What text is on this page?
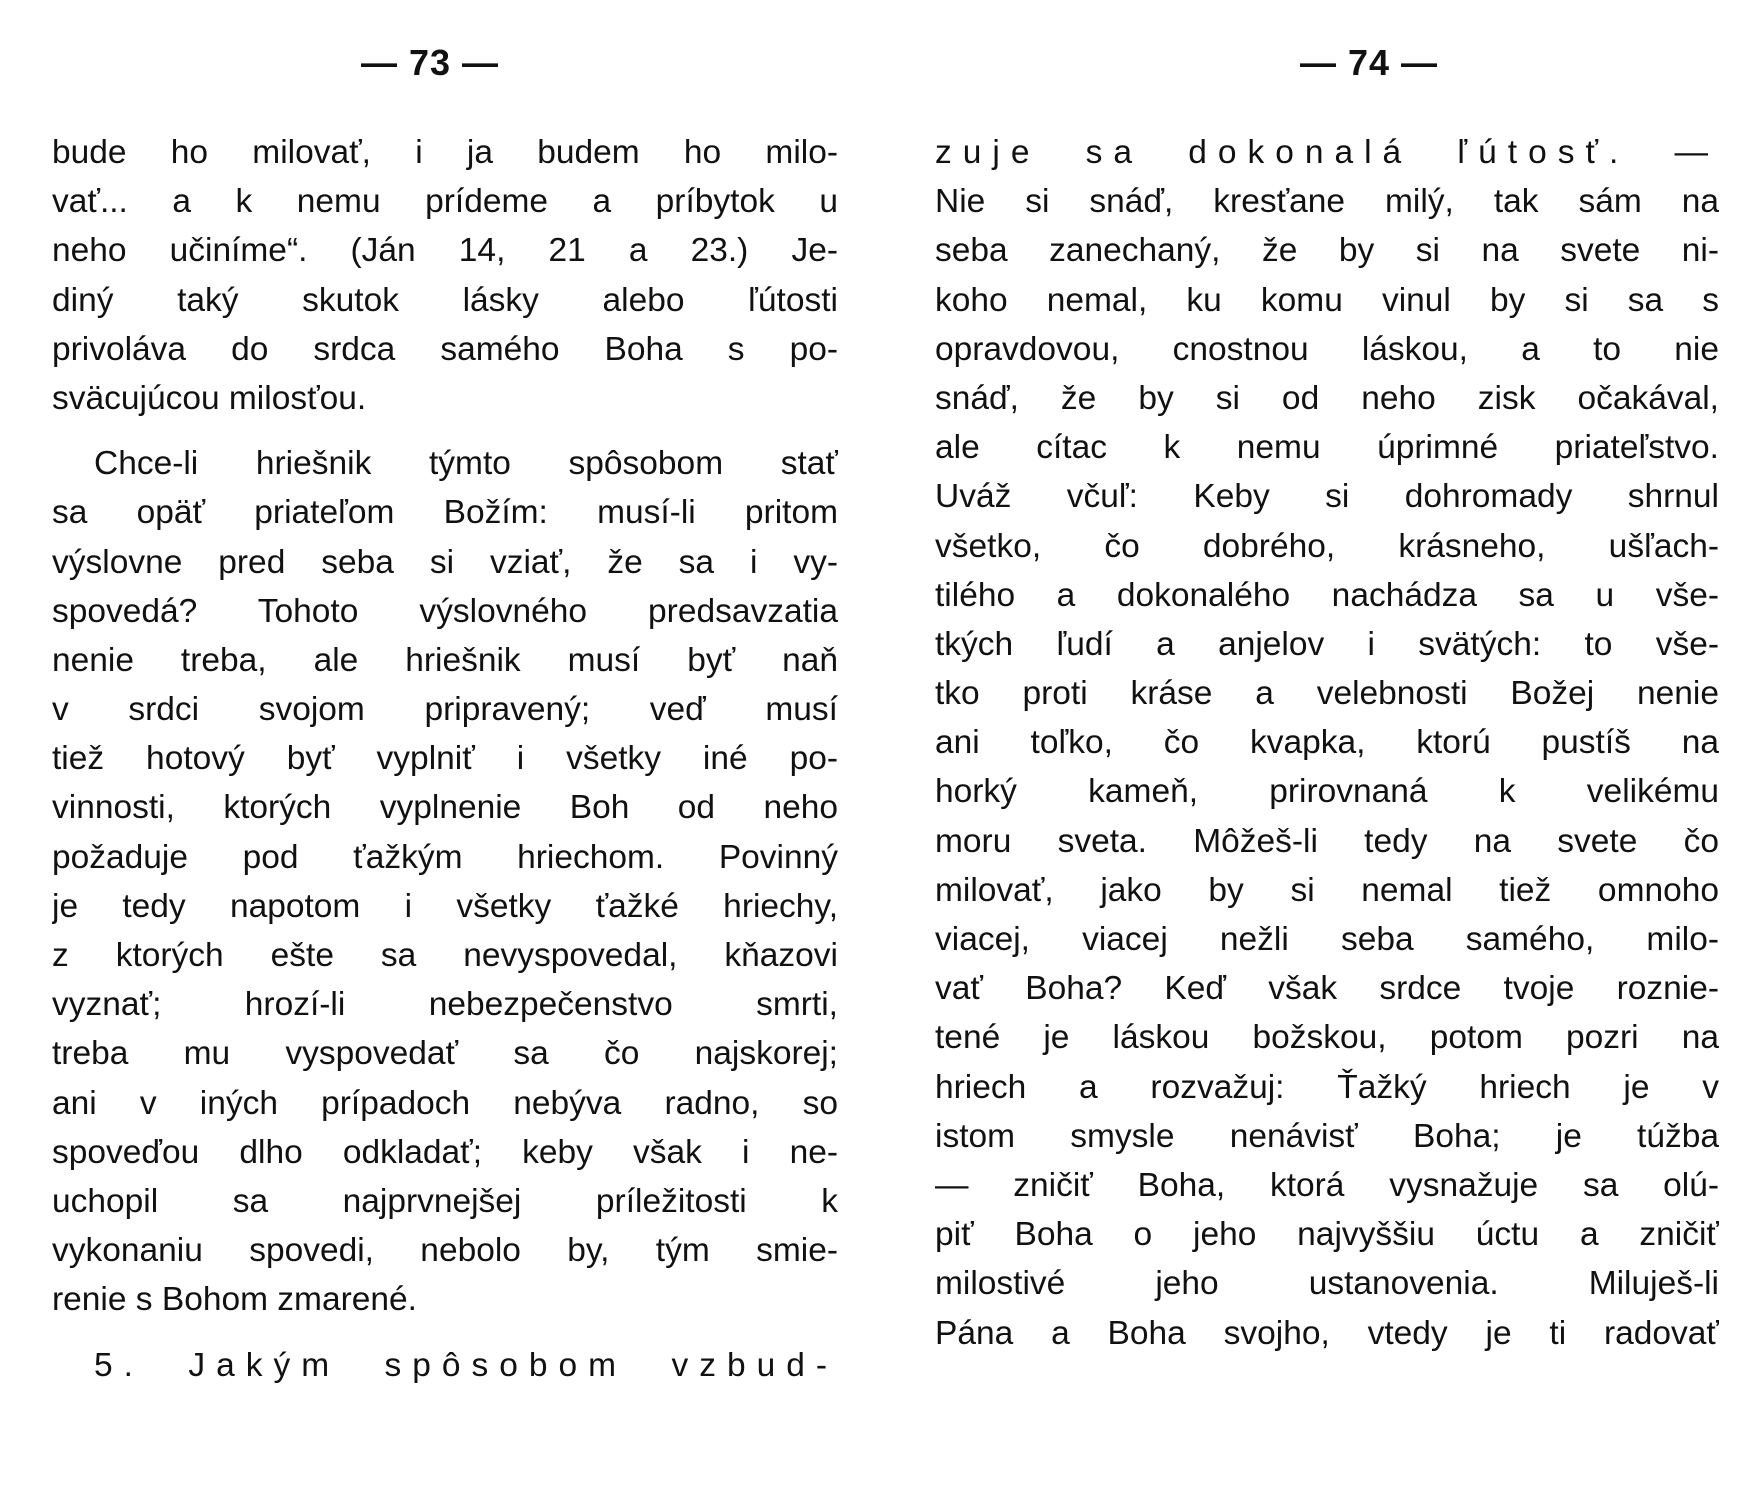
— 73 —
bude ho milovať, i ja budem ho milo-
vať... a k nemu prídeme a príbytok u
neho učiníme“. (Ján 14, 21 a 23.) Je-
diný taký skutok lásky alebo ľútosti
privoláva do srdca samého Boha s po-
sväcujúcou milosťou.
Chce-li hriešnik týmto spôsobom stať
sa opäť priateľom Božím: musí-li pritom
výslovne pred seba si vziať, že sa i vy-
spovedá? Tohoto výslovného predsavzatia
nenie treba, ale hriešnik musí byť naň
v srdci svojom pripravený; veď musí
tiež hotový byť vyplniť i všetky iné po-
vinnosti, ktorých vyplnenie Boh od neho
požaduje pod ťažkým hriechom. Povinný
je tedy napotom i všetky ťažké hriechy,
z ktorých ešte sa nevyspovedal, kňazovi
vyznať; hrozí-li nebezpečenstvo smrti,
treba mu vyspovedať sa čo najskorej;
ani v iných prípadoch nebýva radno, so
spoveďou dlho odkladať; keby však i ne-
uchopil sa najprvnejšej príležitosti k
vykonaniu spovedi, nebolo by, tým smie-
renie s Bohom zmarené.
5. Jakým spôsobom vzbud-
— 74 —
zuje sa dokonalá ľútosť. —
Nie si snáď, kresťane milý, tak sám na
seba zanechaný, že by si na svete ni-
koho nemal, ku komu vinul by si sa s
opravdovou, cnostnou láskou, a to nie
snáď, že by si od neho zisk očakával,
ale cítac k nemu úprimné priateľstvo.
Uváž včuľ: Keby si dohromady shrnul
všetko, čo dobrého, krásneho, ušľach-
tilého a dokonalého nachádza sa u vše-
tkých ľudí a anjelov i svätých: to vše-
tko proti kráse a velebnosti Božej nenie
ani toľko, čo kvapka, ktorú pustíš na
horký kameň, prirovnaná k velikému
moru sveta. Môžeš-li tedy na svete čo
milovať, jako by si nemal tiež omnoho
viacej, viacej nežli seba samého, milo-
vať Boha? Keď však srdce tvoje roznie-
tené je láskou božskou, potom pozri na
hriech a rozvažuj: Ťažký hriech je v
istom smysle nenávisť Boha; je túžba
— zničiť Boha, ktorá vysnažuje sa olú-
piť Boha o jeho najvyššiu úctu a zničiť
milostivé jeho ustanovenia. Miluješ-li
Pána a Boha svojho, vtedy je ti radovať
